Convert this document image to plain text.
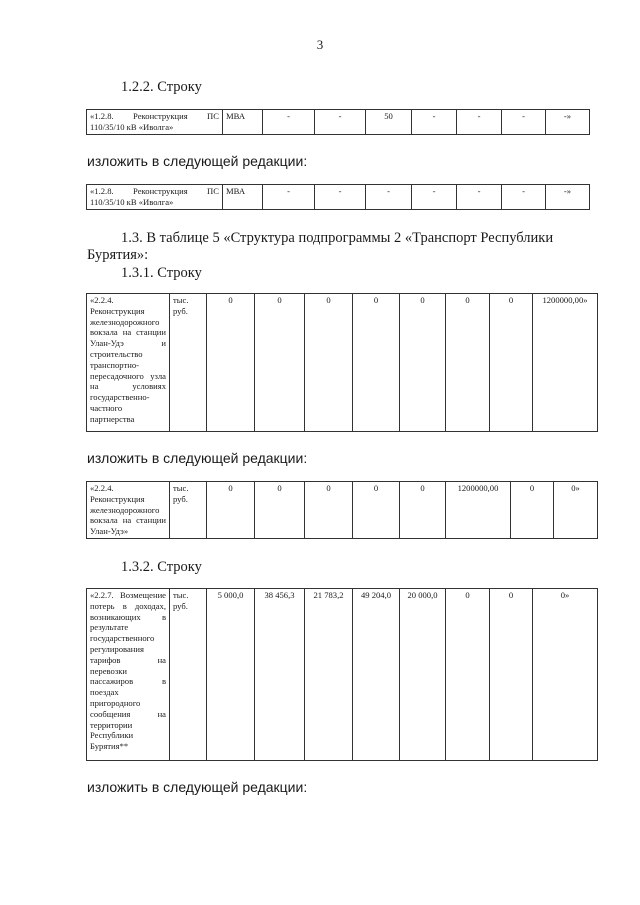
3
1.2.2. Строку
«1.2.8. Реконструкция ПС 110/35/10 кВ «Иволга»	МВА	-	-	50	-	-	-	-»
изложить в следующей редакции:
«1.2.8. Реконструкция ПС 110/35/10 кВ «Иволга»	МВА	-	-	-	-	-	-	-»
1.3. В таблице 5 «Структура подпрограммы 2 «Транспорт Республики
Бурятия»:
1.3.1. Строку
«2.2.4. Реконструкция железнодорожного вокзала на станции Улан-Удэ и строительство транспортно-пересадочного узла на условиях государственно-частного партнерства	тыс. руб.	0	0	0	0	0	0	0	1200000,00»
изложить в следующей редакции:
«2.2.4. Реконструкция железнодорожного вокзала на станции Улан-Удэ»	тыс. руб.	0	0	0	0	0	1200000,00	0	0»
1.3.2. Строку
«2.2.7. Возмещение потерь в доходах, возникающих в результате государственного регулирования тарифов на перевозки пассажиров в поездах пригородного сообщения на территории Республики Бурятия**	тыс. руб.	5 000,0	38 456,3	21 783,2	49 204,0	20 000,0	0	0	0»
изложить в следующей редакции:
